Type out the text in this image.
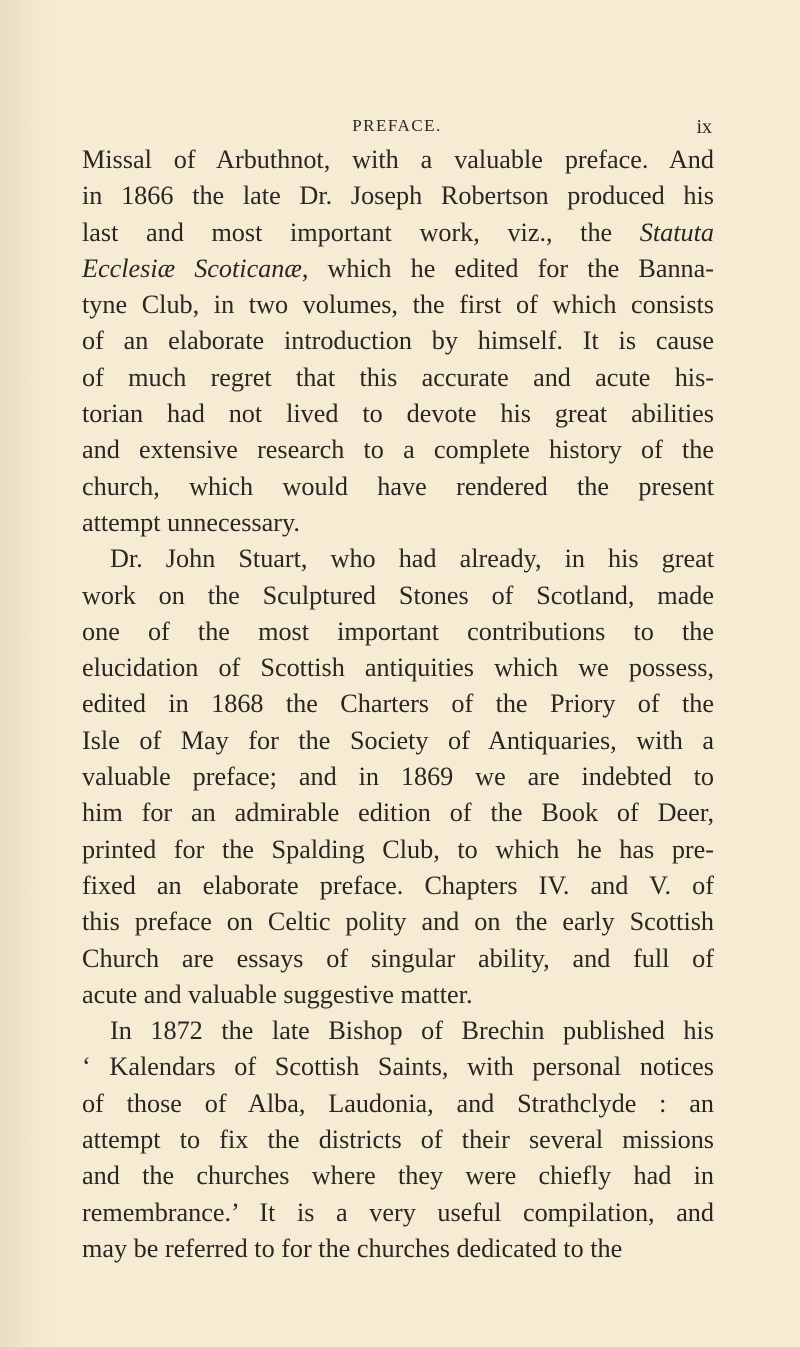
PREFACE.	ix
Missal of Arbuthnot, with a valuable preface. And
in 1866 the late Dr. Joseph Robertson produced his
last and most important work, viz., the Statuta
Ecclesiæ Scoticanæ, which he edited for the Banna-
tyne Club, in two volumes, the first of which consists
of an elaborate introduction by himself. It is cause
of much regret that this accurate and acute his-
torian had not lived to devote his great abilities
and extensive research to a complete history of the
church, which would have rendered the present
attempt unnecessary.
Dr. John Stuart, who had already, in his great
work on the Sculptured Stones of Scotland, made
one of the most important contributions to the
elucidation of Scottish antiquities which we possess,
edited in 1868 the Charters of the Priory of the
Isle of May for the Society of Antiquaries, with a
valuable preface; and in 1869 we are indebted to
him for an admirable edition of the Book of Deer,
printed for the Spalding Club, to which he has pre-
fixed an elaborate preface. Chapters IV. and V. of
this preface on Celtic polity and on the early Scottish
Church are essays of singular ability, and full of
acute and valuable suggestive matter.
In 1872 the late Bishop of Brechin published his
‘ Kalendars of Scottish Saints, with personal notices
of those of Alba, Laudonia, and Strathclyde : an
attempt to fix the districts of their several missions
and the churches where they were chiefly had in
remembrance.’ It is a very useful compilation, and
may be referred to for the churches dedicated to the
